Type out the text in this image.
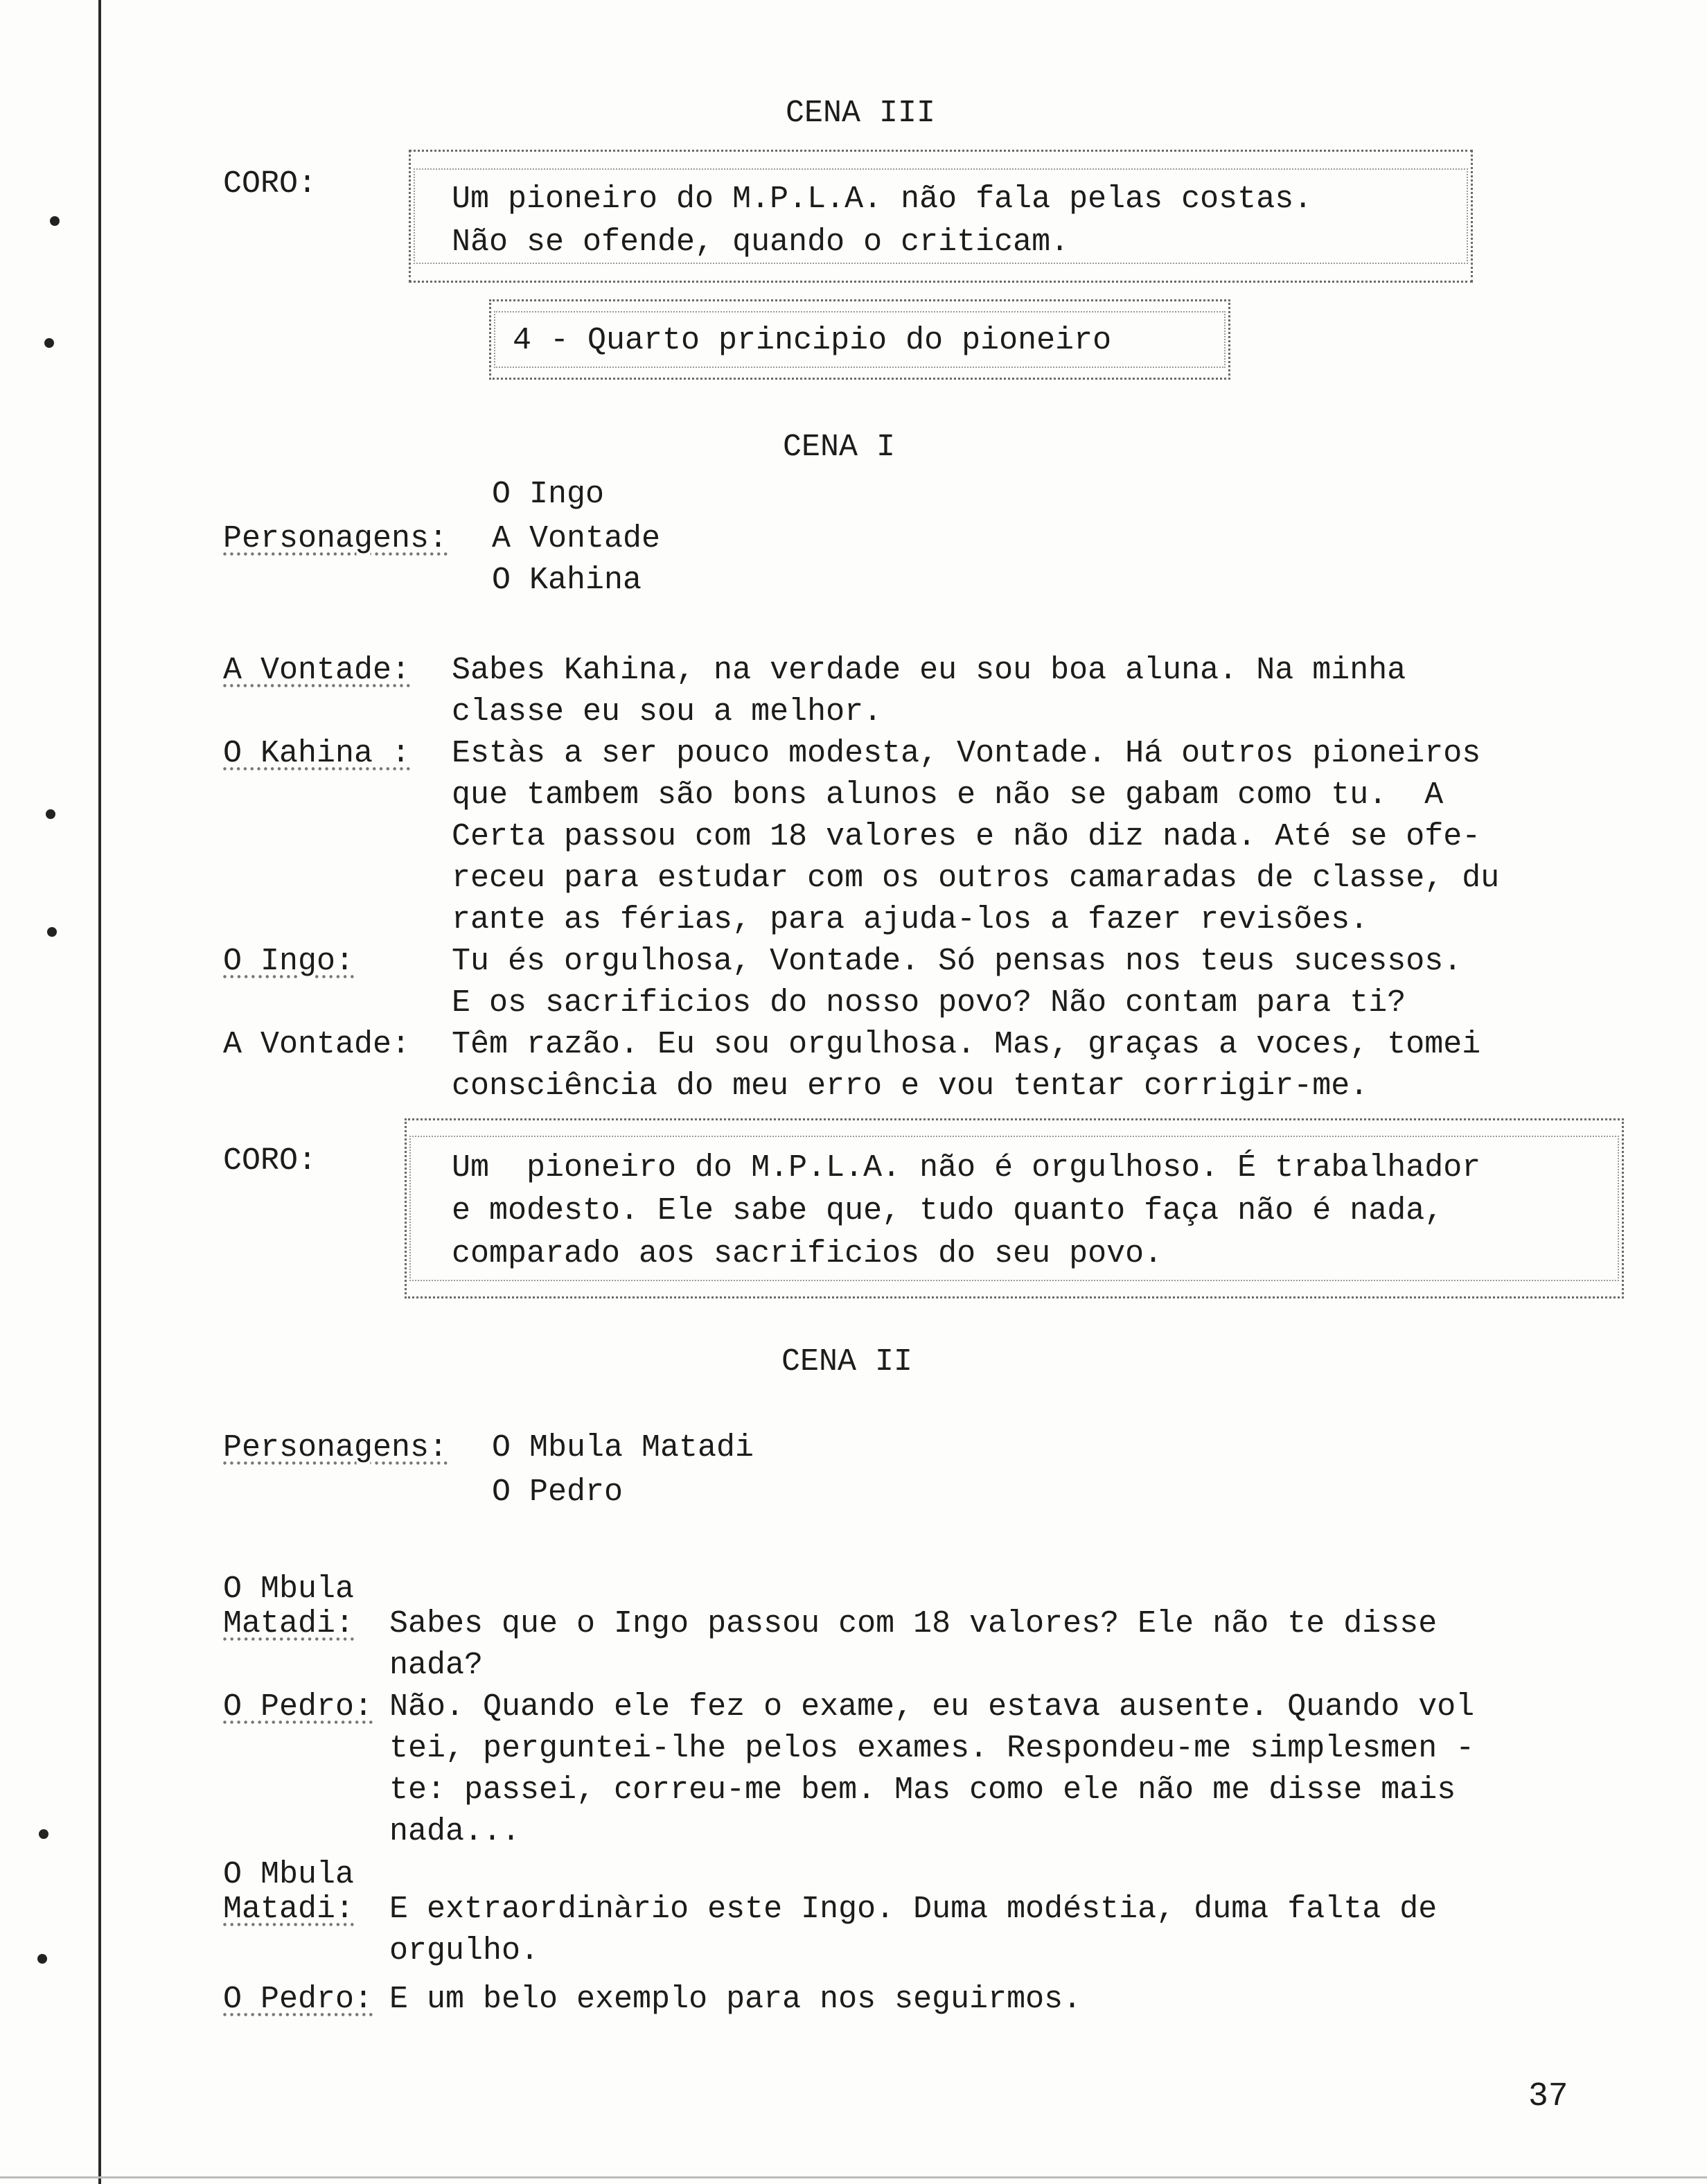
CENA III
CORO:	Um pioneiro do M.P.L.A. não fala pelas costas.
Não se ofende, quando o criticam.
4 - Quarto principio do pioneiro
CENA I
O Ingo
Personagens: A Vontade
O Kahina
A Vontade: Sabes Kahina, na verdade eu sou boa aluna. Na minha
classe eu sou a melhor.
O Kahina : Estàs a ser pouco modesta, Vontade. Há outros pioneiros
que tambem são bons alunos e não se gabam como tu.  A
Certa passou com 18 valores e não diz nada. Até se ofe-
receu para estudar com os outros camaradas de classe, du
rante as férias, para ajuda-los a fazer revisões.
O Ingo:	Tu és orgulhosa, Vontade. Só pensas nos teus sucessos.
E os sacrificios do nosso povo? Não contam para ti?
A Vontade: Têm razão. Eu sou orgulhosa. Mas, graças a voces, tomei
consciência do meu erro e vou tentar corrigir-me.
CORO:	Um  pioneiro do M.P.L.A. não é orgulhoso. É trabalhador
e modesto. Ele sabe que, tudo quanto faça não é nada,
comparado aos sacrificios do seu povo.
CENA II
Personagens: O Mbula Matadi
O Pedro
O Mbula
Matadi: Sabes que o Ingo passou com 18 valores? Ele não te disse
nada?
O Pedro: Não. Quando ele fez o exame, eu estava ausente. Quando vol
tei, perguntei-lhe pelos exames. Respondeu-me simplesmen -
te: passei, correu-me bem. Mas como ele não me disse mais
nada...
O Mbula
Matadi: E extraordinàrio este Ingo. Duma modéstia, duma falta de
orgulho.
O Pedro: E um belo exemplo para nos seguirmos.
37
